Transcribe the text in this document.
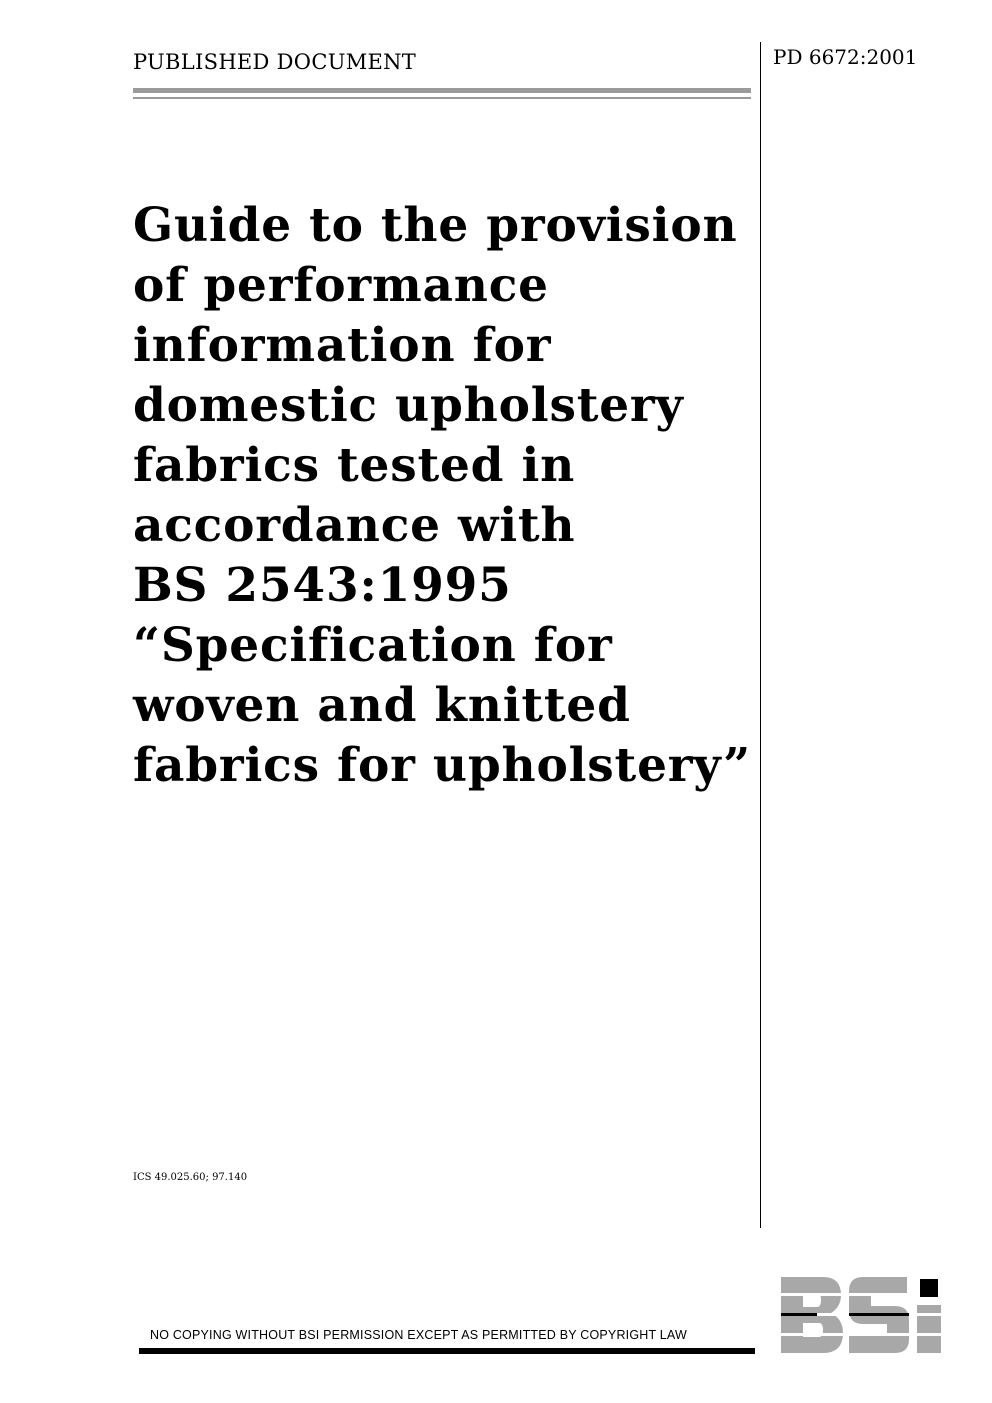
PUBLISHED DOCUMENT	PD 6672:2001
Guide to the provision
of performance
information for
domestic upholstery
fabrics tested in
accordance with
BS 2543:1995
“Specification for
woven and knitted
fabrics for upholstery”
ICS 49.025.60; 97.140
NO COPYING WITHOUT BSI PERMISSION EXCEPT AS PERMITTED BY COPYRIGHT LAW
